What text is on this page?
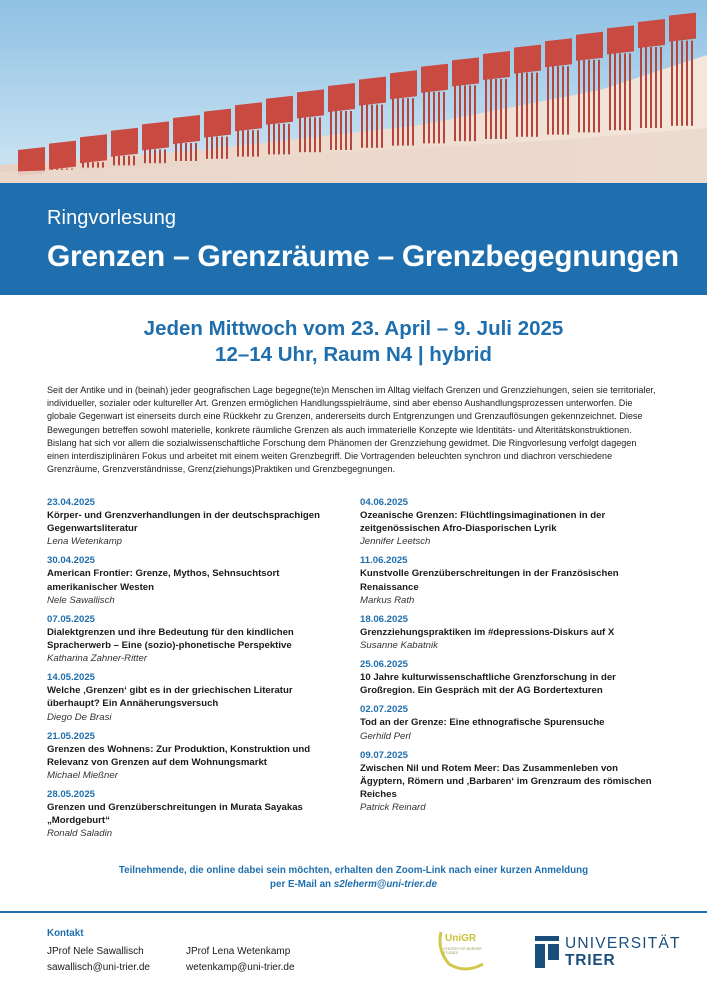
Ringvorlesung
Grenzen – Grenzräume – Grenzbegegnungen
Jeden Mittwoch vom 23. April – 9. Juli 2025
12–14 Uhr, Raum N4 | hybrid

Seit der Antike und in (beinah) jeder geografischen Lage begegne(te)n Menschen im Alltag vielfach Grenzen und Grenzziehungen, seien sie territorialer, individueller, sozialer oder kultureller Art. Grenzen ermöglichen Handlungsspielräume, sind aber ebenso Aushandlungsprozessen unterworfen. Die globale Gegenwart ist einerseits durch eine Rückkehr zu Grenzen, andererseits durch Entgrenzungen und Grenzauflösungen gekennzeichnet. Diese Bewegungen betreffen sowohl materielle, konkrete räumliche Grenzen als auch immaterielle Konzepte wie Identitäts- und Alteritätskonstruktionen. Bislang hat sich vor allem die sozialwissenschaftliche Forschung dem Phänomen der Grenzziehung gewidmet. Die Ringvorlesung verfolgt dagegen einen interdisziplinären Fokus und arbeitet mit einem weiten Grenzbegriff. Die Vortragenden beleuchten synchron und diachron verschiedene Grenzräume, Grenzverständnisse, Grenz(ziehungs)Praktiken und Grenzbegegnungen.

23.04.2025
Körper- und Grenzverhandlungen in der deutschsprachigen Gegenwartsliteratur
Lena Wetenkamp
30.04.2025
American Frontier: Grenze, Mythos, Sehnsuchtsort amerikanischer Westen
Nele Sawallisch
07.05.2025
Dialektgrenzen und ihre Bedeutung für den kindlichen Spracherwerb – Eine (sozio)-phonetische Perspektive
Katharina Zahner-Ritter
14.05.2025
Welche ‚Grenzen‘ gibt es in der griechischen Literatur überhaupt? Ein Annäherungsversuch
Diego De Brasi
21.05.2025
Grenzen des Wohnens: Zur Produktion, Konstruktion und Relevanz von Grenzen auf dem Wohnungsmarkt
Michael Mießner
28.05.2025
Grenzen und Grenzüberschreitungen in Murata Sayakas „Mordgeburt“
Ronald Saladin
04.06.2025
Ozeanische Grenzen: Flüchtlingsimaginationen in der zeitgenössischen Afro-Diasporischen Lyrik
Jennifer Leetsch
11.06.2025
Kunstvolle Grenzüberschreitungen in der Französischen Renaissance
Markus Rath
18.06.2025
Grenzziehungspraktiken im #depressions-Diskurs auf X
Susanne Kabatnik
25.06.2025
10 Jahre kulturwissenschaftliche Grenzforschung in der Großregion. Ein Gespräch mit der AG Bordertexturen
02.07.2025
Tod an der Grenze: Eine ethnografische Spurensuche
Gerhild Perl
09.07.2025
Zwischen Nil und Rotem Meer: Das Zusammenleben von Ägyptern, Römern und ‚Barbaren‘ im Grenzraum des römischen Reiches
Patrick Reinard
Teilnehmende, die online dabei sein möchten, erhalten den Zoom-Link nach einer kurzen Anmeldung
per E-Mail an s2leherm@uni-trier.de
Kontakt
JProf Nele Sawallisch
sawallisch@uni-trier.de
JProf Lena Wetenkamp
wetenkamp@uni-trier.de
UniGR
CENTER FOR BORDER STUDIES
UNIVERSITÄT
TRIER
